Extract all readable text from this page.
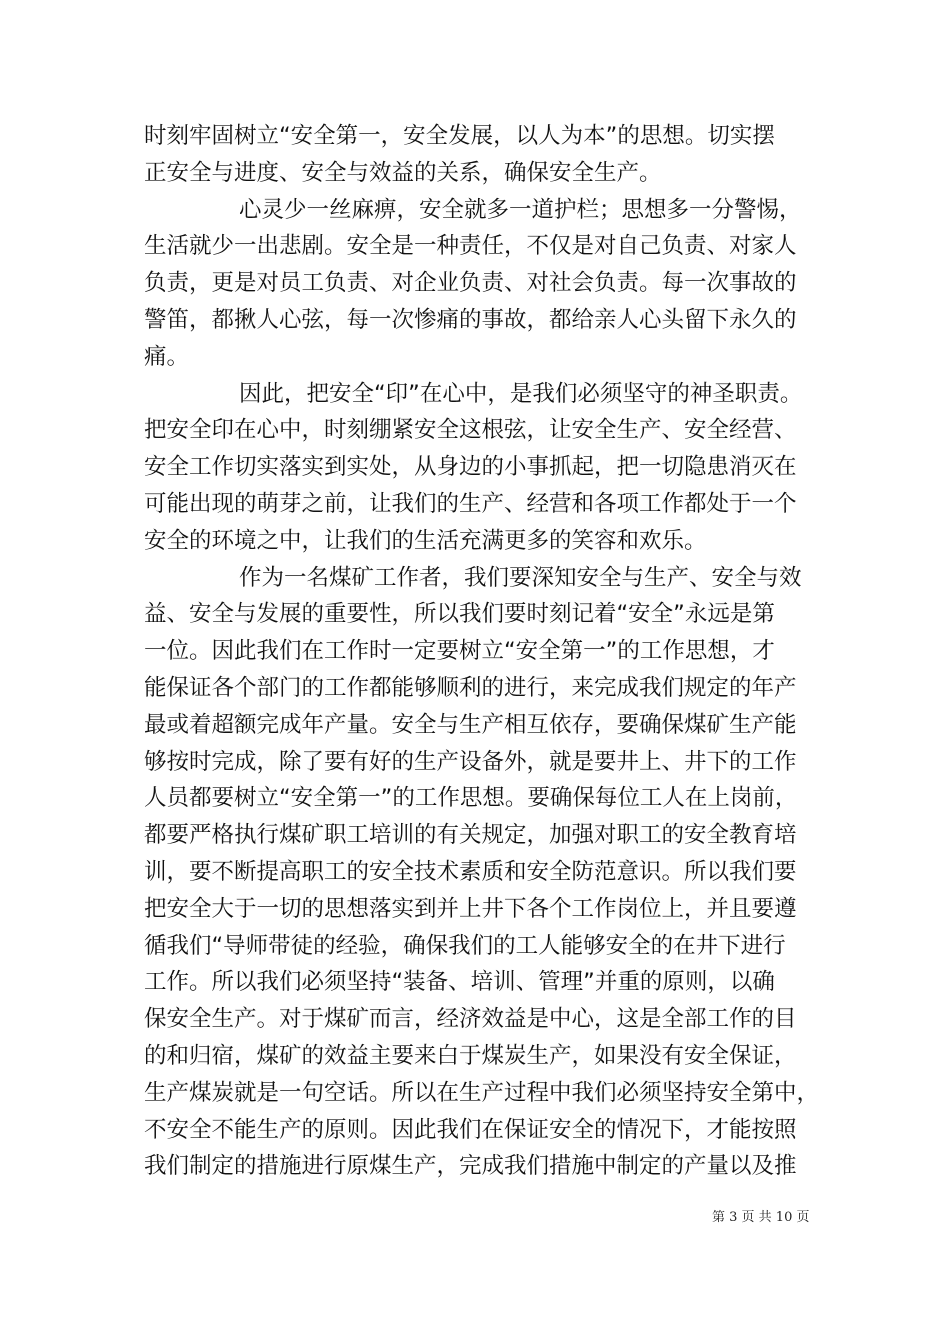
时刻牢固树立“安全第一，安全发展，以人为本”的思想。切实摆
正安全与进度、安全与效益的关系，确保安全生产。
心灵少一丝麻痹，安全就多一道护栏；思想多一分警惕，
生活就少一出悲剧。安全是一种责任，不仅是对自己负责、对家人
负责，更是对员工负责、对企业负责、对社会负责。每一次事故的
警笛，都揪人心弦，每一次惨痛的事故，都给亲人心头留下永久的
痛。
因此，把安全“印”在心中，是我们必须坚守的神圣职责。
把安全印在心中，时刻绷紧安全这根弦，让安全生产、安全经营、
安全工作切实落实到实处，从身边的小事抓起，把一切隐患消灭在
可能出现的萌芽之前，让我们的生产、经营和各项工作都处于一个
安全的环境之中，让我们的生活充满更多的笑容和欢乐。
作为一名煤矿工作者，我们要深知安全与生产、安全与效
益、安全与发展的重要性，所以我们要时刻记着“安全”永远是第
一位。因此我们在工作时一定要树立“安全第一”的工作思想，才
能保证各个部门的工作都能够顺利的进行，来完成我们规定的年产
最或着超额完成年产量。安全与生产相互依存，要确保煤矿生产能
够按时完成，除了要有好的生产设备外，就是要井上、井下的工作
人员都要树立“安全第一”的工作思想。要确保每位工人在上岗前，
都要严格执行煤矿职工培训的有关规定，加强对职工的安全教育培
训，要不断提高职工的安全技术素质和安全防范意识。所以我们要
把安全大于一切的思想落实到并上井下各个工作岗位上，并且要遵
循我们“导师带徒的经验，确保我们的工人能够安全的在井下进行
工作。所以我们必须坚持“装备、培训、管理”并重的原则，以确
保安全生产。对于煤矿而言，经济效益是中心，这是全部工作的目
的和归宿，煤矿的效益主要来白于煤炭生产，如果没有安全保证，
生产煤炭就是一句空话。所以在生产过程中我们必须坚持安全第中，
不安全不能生产的原则。因此我们在保证安全的情况下，才能按照
我们制定的措施进行原煤生产，完成我们措施中制定的产量以及推
第 3 页 共 10 页
